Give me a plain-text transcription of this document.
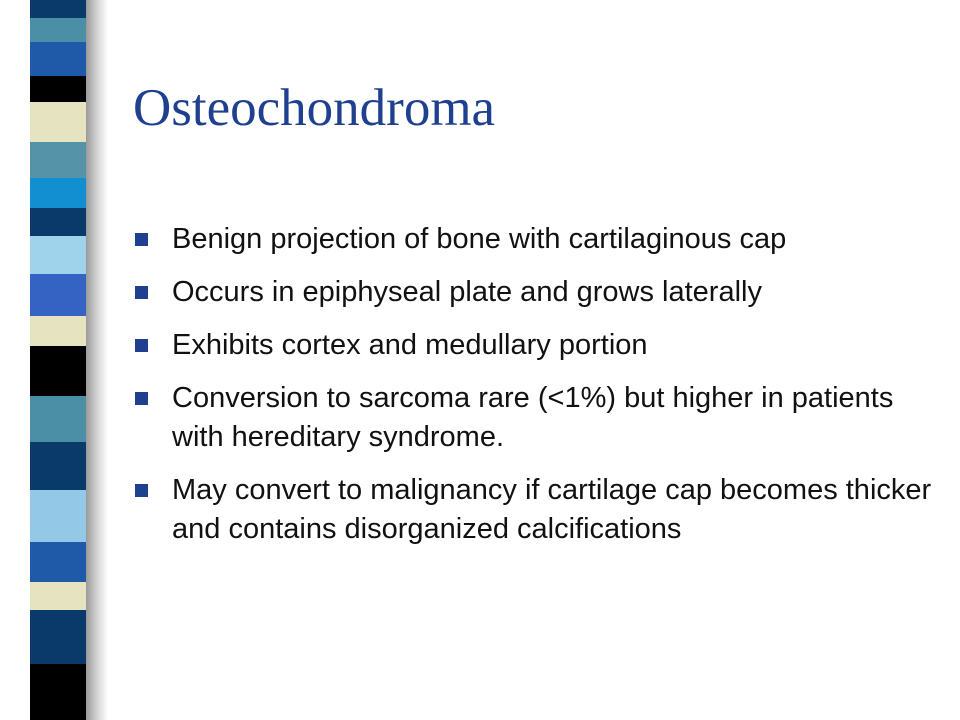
Osteochondroma
Benign projection of bone with cartilaginous cap
Occurs in epiphyseal plate and grows laterally
Exhibits cortex and medullary portion
Conversion to sarcoma rare (<1%) but higher in patients with hereditary syndrome.
May convert to malignancy if cartilage cap becomes thicker and contains disorganized calcifications
